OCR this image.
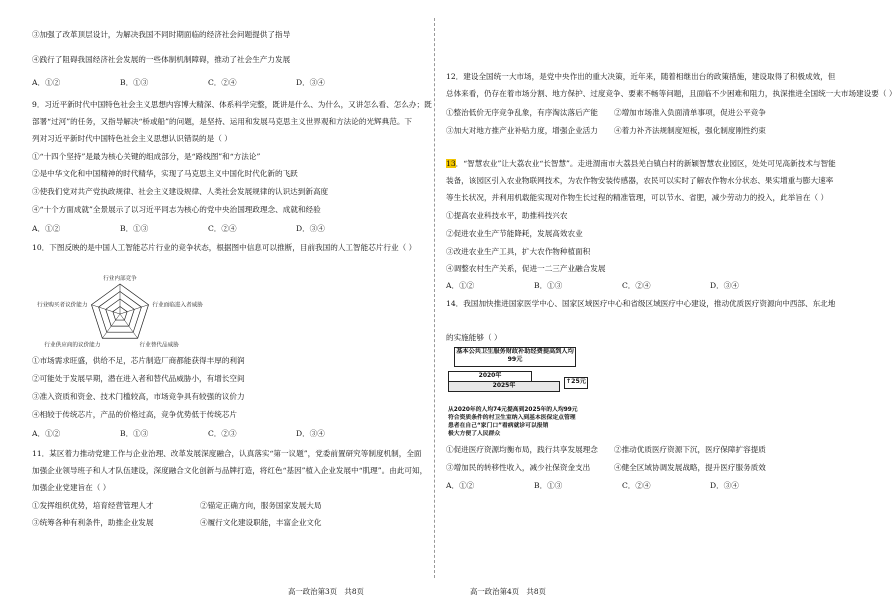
③加强了改革顶层设计，为解决我国不同时期面临的经济社会问题提供了指导
④践行了阻碍我国经济社会发展的一些体制机制障碍，推动了社会生产力发展
A．①②	B．①③	C．②④	D．③④
9．习近平新时代中国特色社会主义思想内容博大精深、体系科学完整，既讲是什么、为什么，又讲怎么看、怎么办；既
部署“过河”的任务，又指导解决“桥或船”的问题，是坚持、运用和发展马克思主义世界观和方法论的光辉典范。下
列对习近平新时代中国特色社会主义思想认识错误的是（ ）
①“十四个坚持”是最为核心关键的组成部分，是“路线图”和“方法论”
②是中华文化和中国精神的时代精华，实现了马克思主义中国化时代化新的飞跃
③使我们党对共产党执政规律、社会主义建设规律、人类社会发展规律的认识达到新高度
④“十个方面成就”全景展示了以习近平同志为核心的党中央治国理政理念、成就和经验
A．①②	B．①③	C．②④	D．③④
10．下图反映的是中国人工智能芯片行业的竞争状态，根据图中信息可以推断，目前我国的人工智能芯片行业（ ）
①市场需求旺盛，供给不足，芯片制造厂商都能获得丰厚的利润
②可能处于发展早期，潜在进入者和替代品威胁小，有增长空间
③准入资质和资金、技术门槛较高，市场竞争具有较强的议价力
④相较于传统芯片，产品的价格过高，竞争优势低于传统芯片
A．①②	B．①③	C．②③	D．③④
11．某区着力推动党建工作与企业治理、改革发展深度融合，认真落实“第一议题”，党委前置研究等制度机制，全面
加强企业领导班子和人才队伍建设，深度融合文化创新与品牌打造，将红色“基因”植入企业发展中“肌理”。由此可知，
加强企业党建旨在（ ）
①发挥组织优势，培育经营管理人才	②锚定正确方向，服务国家发展大局
③统筹各种有利条件，助推企业发展	④履行文化建设职能，丰富企业文化
行业内部竞争
行业面临进入者威胁
行业替代品威胁
行业供应商的议价能力
行业购买者议价能力
12．建设全国统一大市场，是党中央作出的重大决策，近年来，随着相继出台的政策措施，建设取得了积极成效，但
总体来看，仍存在着市场分割、地方保护、过度竞争、要素不畅等问题，且面临不少困难和阻力，执深推进全国统一大市场建设要（ ）
①整治低价无序竞争乱象，有序淘汰落后产能 ②增加市场准入负面清单事项，促进公平竞争
③加大对地方推产业补贴力度，增强企业活力 ④着力补齐法规制度短板，强化制度刚性约束
13．“智慧农业”让大荔农业“长智慧”。走进渭南市大荔县羌白镇白村的新颖智慧农业园区，处处可见高新技术与智能
装备，该园区引入农业物联网技术，为农作物安装传感器，农民可以实时了解农作物水分状态、果实增重与膨大速率
等生长状况，并利用机载能实现对作物生长过程的精准管理，可以节水、省肥，减少劳动力的投入，此举旨在（ ）
①提高农业科技水平，助推科技兴农
②促进农业生产节能降耗，发展高效农业
③改进农业生产工具，扩大农作物种植面积
④调整农村生产关系，促进一二三产业融合发展
14．我国加快推进国家医学中心、国家区域医疗中心和省级区域医疗中心建设，推动优质医疗资源向中西部、东北地
基本公共卫生服务财政补助经费提高到人均99元
2020年
2025年
↑25元
从2020年的人均74元提高到2025年的人均99元
符合资质条件的村卫生室纳入到基本医保定点管理
患者在自己“家门口”看病就诊可以报销
极大方便了人民群众
A．①②	B．①③	C．②④	D．③④
的实施能够（ ）
①促进医疗资源均衡布局，践行共享发展理念 ②推动优质医疗资源下沉，医疗保障扩容提质
③增加民的转移性收入，减少社保资金支出	④健全区域协调发展战略，提升医疗服务质效
A．①②	B．①③	C．②④	D．③④
高一政治第3页　共8页	高一政治第4页　共8页
